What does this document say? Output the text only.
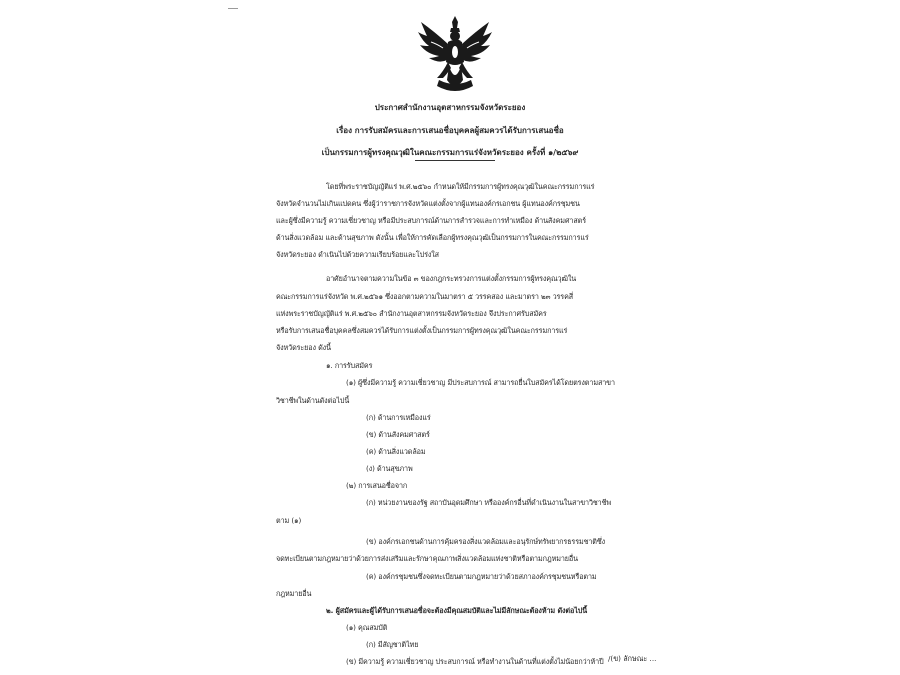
ประกาศสำนักงานอุตสาหกรรมจังหวัดระยอง
เรื่อง การรับสมัครและการเสนอชื่อบุคคลผู้สมควรได้รับการเสนอชื่อ
เป็นกรรมการผู้ทรงคุณวุฒิในคณะกรรมการแร่จังหวัดระยอง ครั้งที่ ๑/๒๕๖๙
โดยที่พระราชบัญญัติแร่ พ.ศ.๒๕๖๐ กำหนดให้มีกรรมการผู้ทรงคุณวุฒิในคณะกรรมการแร่
จังหวัดจำนวนไม่เกินแปดคน ซึ่งผู้ว่าราชการจังหวัดแต่งตั้งจากผู้แทนองค์กรเอกชน ผู้แทนองค์กรชุมชน
และผู้ซึ่งมีความรู้ ความเชี่ยวชาญ หรือมีประสบการณ์ด้านการสำรวจและการทำเหมือง ด้านสังคมศาสตร์
ด้านสิ่งแวดล้อม และด้านสุขภาพ ดังนั้น เพื่อให้การคัดเลือกผู้ทรงคุณวุฒิเป็นกรรมการในคณะกรรมการแร่
จังหวัดระยอง ดำเนินไปด้วยความเรียบร้อยและโปร่งใส
อาศัยอำนาจตามความในข้อ ๓ ของกฎกระทรวงการแต่งตั้งกรรมการผู้ทรงคุณวุฒิใน
คณะกรรมการแร่จังหวัด พ.ศ.๒๕๖๑ ซึ่งออกตามความในมาตรา ๕ วรรคสอง และมาตรา ๒๓ วรรคสี่
แห่งพระราชบัญญัติแร่ พ.ศ.๒๕๖๐ สำนักงานอุตสาหกรรมจังหวัดระยอง จึงประกาศรับสมัคร
หรือรับการเสนอชื่อบุคคลซึ่งสมควรได้รับการแต่งตั้งเป็นกรรมการผู้ทรงคุณวุฒิในคณะกรรมการแร่
จังหวัดระยอง ดังนี้
๑. การรับสมัคร
(๑) ผู้ซึ่งมีความรู้ ความเชี่ยวชาญ มีประสบการณ์ สามารถยื่นใบสมัครได้โดยตรงตามสาขา
วิชาชีพในด้านดังต่อไปนี้
(ก) ด้านการเหมืองแร่
(ข) ด้านสังคมศาสตร์
(ค) ด้านสิ่งแวดล้อม
(ง) ด้านสุขภาพ
(๒) การเสนอชื่อจาก
(ก) หน่วยงานของรัฐ สถาบันอุดมศึกษา หรือองค์กรอื่นที่ดำเนินงานในสาขาวิชาชีพ
ตาม (๑)
(ข) องค์กรเอกชนด้านการคุ้มครองสิ่งแวดล้อมและอนุรักษ์ทรัพยากรธรรมชาติซึ่ง
จดทะเบียนตามกฎหมายว่าด้วยการส่งเสริมและรักษาคุณภาพสิ่งแวดล้อมแห่งชาติหรือตามกฎหมายอื่น
(ค) องค์กรชุมชนซึ่งจดทะเบียนตามกฎหมายว่าด้วยสภาองค์กรชุมชนหรือตาม
กฎหมายอื่น
๒. ผู้สมัครและผู้ได้รับการเสนอชื่อจะต้องมีคุณสมบัติและไม่มีลักษณะต้องห้าม ดังต่อไปนี้
(๑) คุณสมบัติ
(ก) มีสัญชาติไทย
(ข) มีความรู้ ความเชี่ยวชาญ ประสบการณ์ หรือทำงานในด้านที่แต่งตั้งไม่น้อยกว่าห้าปี /(ข) ลักษณะ ...
